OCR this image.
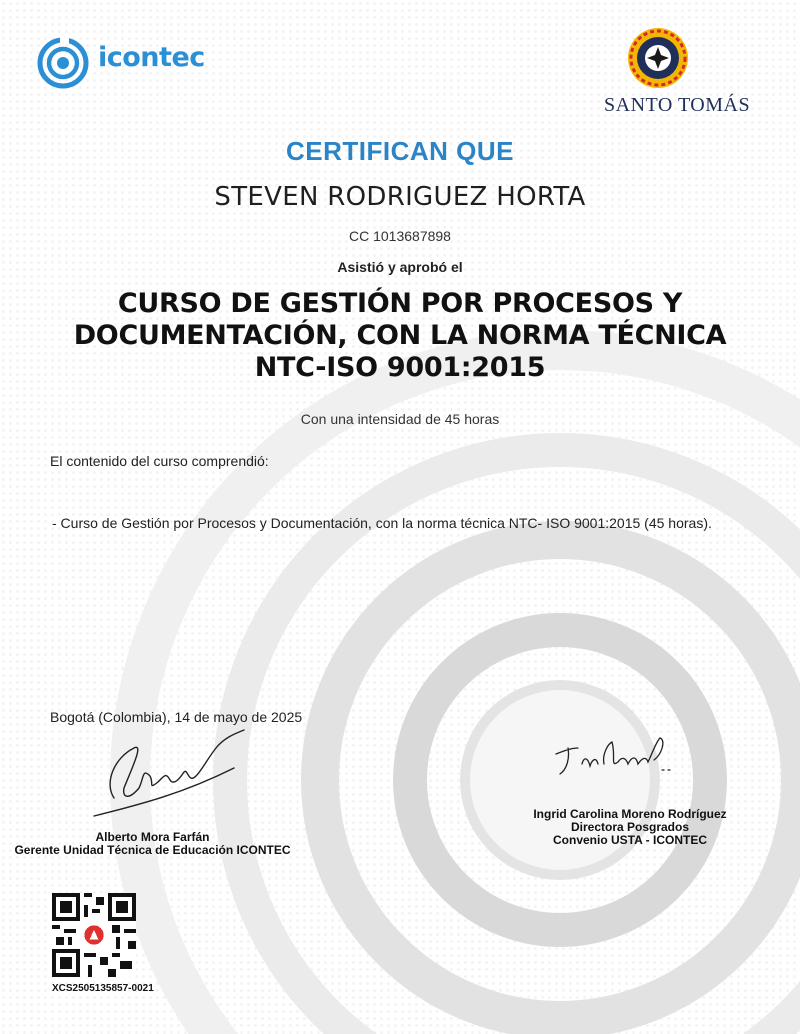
icontec
SANTO TOMÁS
CERTIFICAN QUE
STEVEN RODRIGUEZ HORTA
CC 1013687898
Asistió y aprobó el
CURSO DE GESTIÓN POR PROCESOS Y DOCUMENTACIÓN, CON LA NORMA TÉCNICA NTC-ISO 9001:2015
Con una intensidad de 45 horas
El contenido del curso comprendió:
- Curso de Gestión por Procesos y Documentación, con la norma técnica NTC- ISO 9001:2015 (45 horas).
Bogotá (Colombia), 14 de mayo de 2025
Alberto Mora Farfán
Gerente Unidad Técnica de Educación ICONTEC
Ingrid Carolina Moreno Rodríguez
Directora Posgrados
Convenio USTA - ICONTEC
XCS2505135857-0021
